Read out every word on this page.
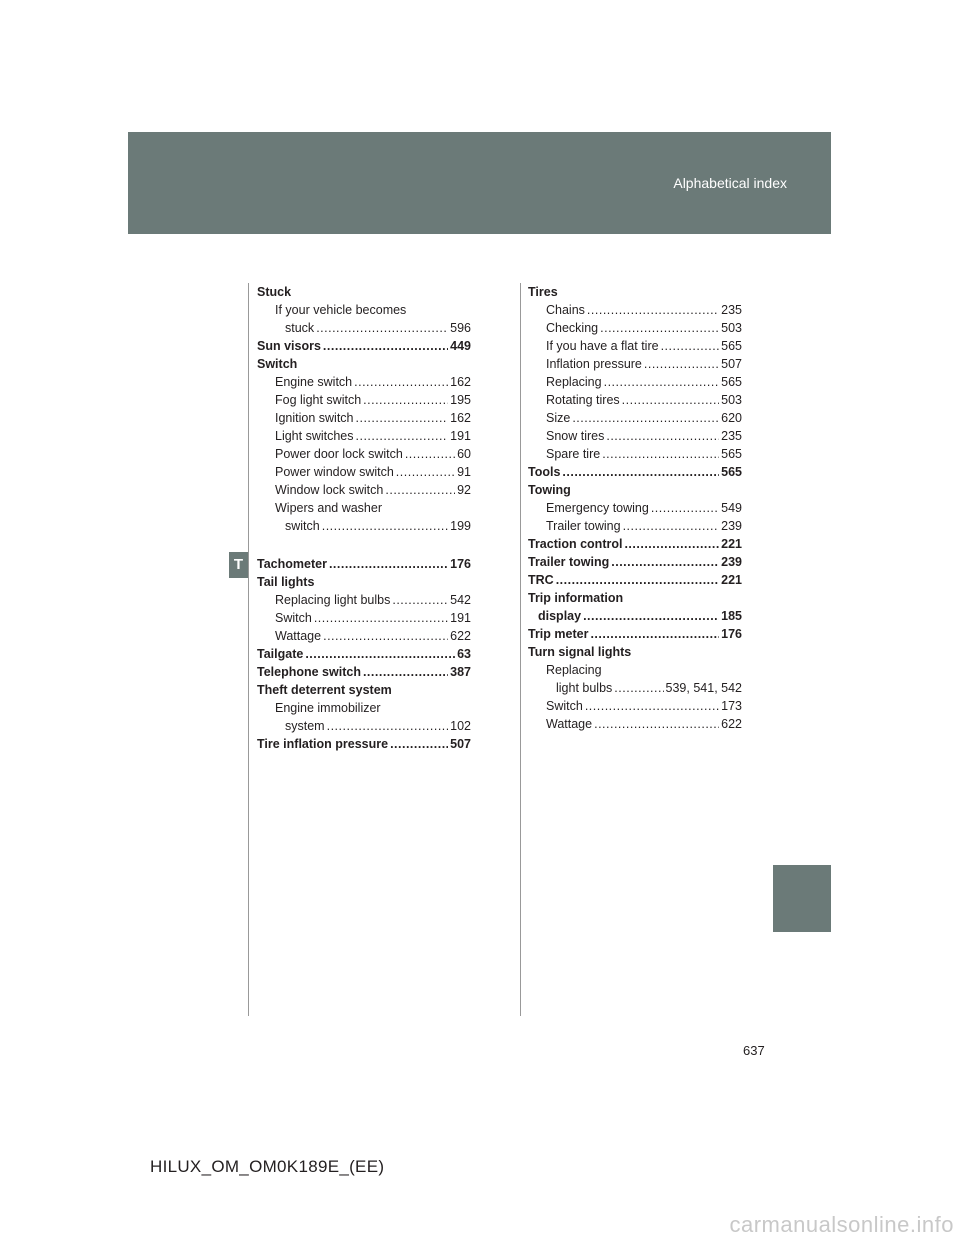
Alphabetical index
T
Stuck
If your vehicle becomes
stuck .....	596
Sun visors .....	449
Switch
Engine switch .....	162
Fog light switch .....	195
Ignition switch .....	162
Light switches .....	191
Power door lock switch .....	60
Power window switch .....	91
Window lock switch .....	92
Wipers and washer
switch .....	199
Tachometer .....	176
Tail lights
Replacing light bulbs .....	542
Switch .....	191
Wattage .....	622
Tailgate .....	63
Telephone switch .....	387
Theft deterrent system
Engine immobilizer
system .....	102
Tire inflation pressure .....	507
Tires
Chains .....	235
Checking .....	503
If you have a flat tire .....	565
Inflation pressure .....	507
Replacing .....	565
Rotating tires .....	503
Size .....	620
Snow tires .....	235
Spare tire .....	565
Tools .....	565
Towing
Emergency towing .....	549
Trailer towing .....	239
Traction control .....	221
Trailer towing .....	239
TRC .....	221
Trip information
display .....	185
Trip meter .....	176
Turn signal lights
Replacing
light bulbs .....	539, 541, 542
Switch .....	173
Wattage .....	622
637
HILUX_OM_OM0K189E_(EE)
carmanualsonline.info
